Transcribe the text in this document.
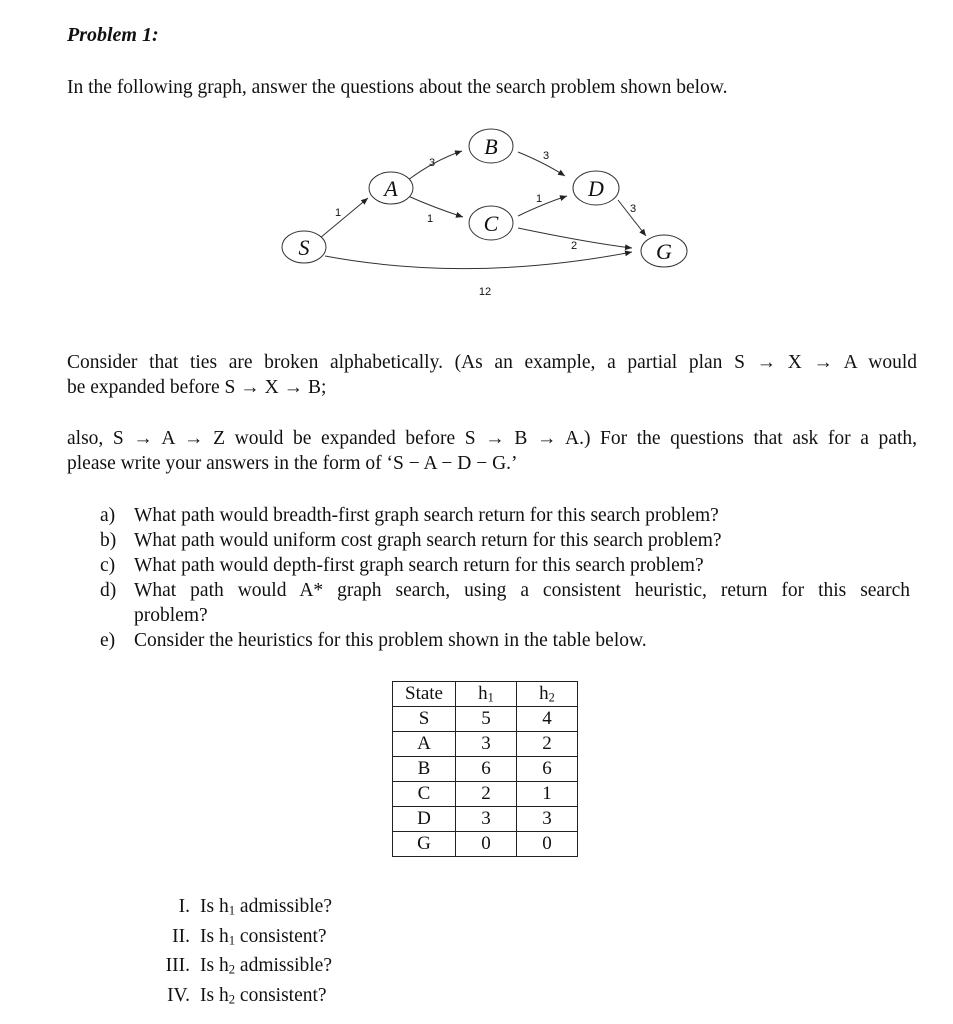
Problem 1:
In the following graph, answer the questions about the search problem shown below.
S
A
B
C
D
G
1
3
1
3
1
2
3
12
Consider that ties are broken alphabetically. (As an example, a partial plan S → X → A would
be expanded before S → X → B;
also, S → A → Z would be expanded before S → B → A.) For the questions that ask for a path,
please write your answers in the form of ‘S − A − D − G.’
a) What path would breadth-first graph search return for this search problem?
b) What path would uniform cost graph search return for this search problem?
c) What path would depth-first graph search return for this search problem?
d) What path would A* graph search, using a consistent heuristic, return for this search
problem?
e) Consider the heuristics for this problem shown in the table below.
State	$h_1$	$h_2$
S	5	4
A	3	2
B	6	6
C	2	1
D	3	3
G	0	0
I. Is $h_1$ admissible?
II. Is $h_1$ consistent?
III. Is $h_2$ admissible?
IV. Is $h_2$ consistent?
